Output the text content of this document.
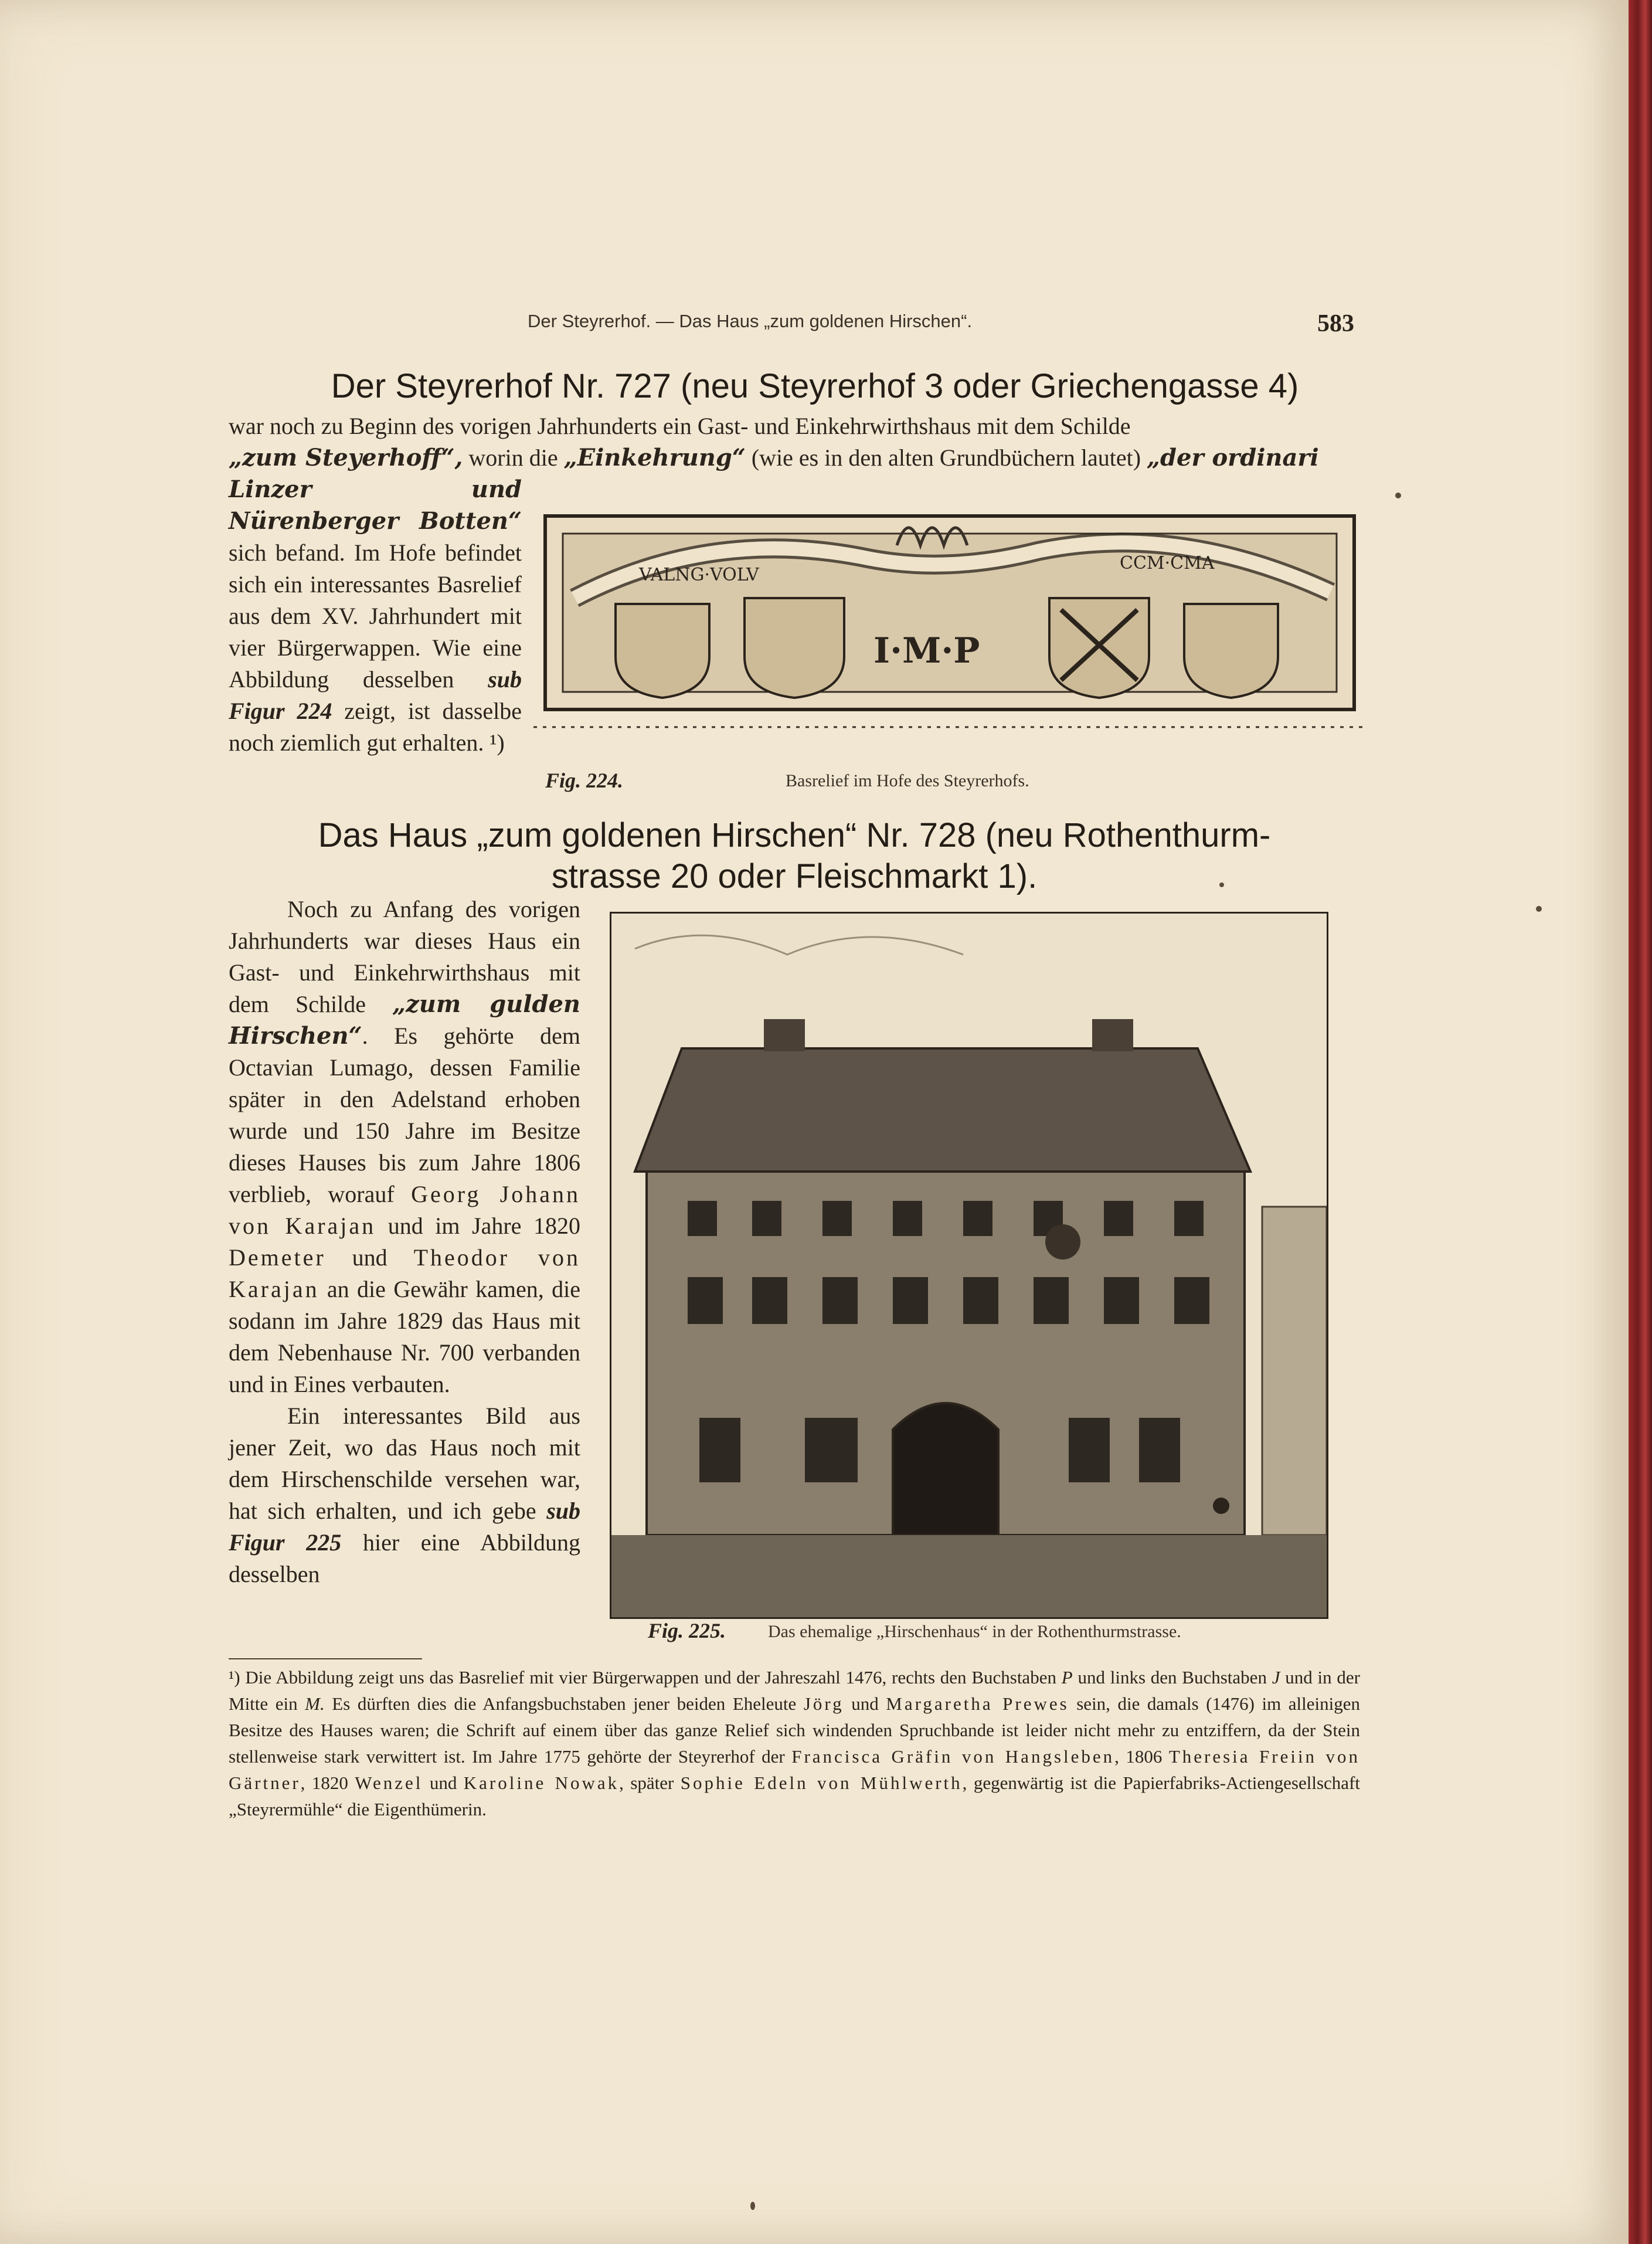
Der Steyrerhof. — Das Haus „zum goldenen Hirschen“.	583
Der Steyrerhof Nr. 727 (neu Steyrerhof 3 oder Griechengasse 4)
war noch zu Beginn des vorigen Jahrhunderts ein Gast- und Einkehrwirthshaus mit dem Schilde
„zum Steyerhoff“, worin die „Einkehrung“ (wie es in den alten Grundbüchern lautet) „der ordinari
Linzer und Nürenberger Botten“ sich befand. Im Hofe befindet sich ein interessantes Basrelief aus dem XV. Jahrhundert mit vier Bürgerwappen. Wie eine Abbildung desselben sub Figur 224 zeigt, ist dasselbe noch ziemlich gut erhalten. ¹)
VALNG·VOLV
CCM·CMA
I·M·P
Fig. 224.	Basrelief im Hofe des Steyrerhofs.
Das Haus „zum goldenen Hirschen“ Nr. 728 (neu Rothenthurm-
strasse 20 oder Fleischmarkt 1).

Noch zu Anfang des vorigen Jahrhunderts war dieses Haus ein Gast- und Einkehrwirthshaus mit dem Schilde „zum gulden Hirschen“. Es gehörte dem Octavian Lumago, dessen Familie später in den Adelstand erhoben wurde und 150 Jahre im Besitze dieses Hauses bis zum Jahre 1806 verblieb, worauf Georg Johann von Karajan und im Jahre 1820 Demeter und Theodor von Karajan an die Gewähr kamen, die sodann im Jahre 1829 das Haus mit dem Nebenhause Nr. 700 verbanden und in Eines verbauten.

Ein interessantes Bild aus jener Zeit, wo das Haus noch mit dem Hirschenschilde versehen war, hat sich erhalten, und ich gebe sub Figur 225 hier eine Abbildung desselben

Fig. 225. Das ehemalige „Hirschenhaus“ in der Rothenthurmstrasse.
¹) Die Abbildung zeigt uns das Basrelief mit vier Bürgerwappen und der Jahreszahl 1476, rechts den Buchstaben P und links den Buchstaben J und in der Mitte ein M. Es dürften dies die Anfangsbuchstaben jener beiden Eheleute Jörg und Margaretha Prewes sein, die damals (1476) im alleinigen Besitze des Hauses waren; die Schrift auf einem über das ganze Relief sich windenden Spruchbande ist leider nicht mehr zu entziffern, da der Stein stellenweise stark verwittert ist. Im Jahre 1775 gehörte der Steyrerhof der Francisca Gräfin von Hangsleben, 1806 Theresia Freiin von Gärtner, 1820 Wenzel und Karoline Nowak, später Sophie Edeln von Mühlwerth, gegenwärtig ist die Papierfabriks-Actiengesellschaft „Steyrermühle“ die Eigenthümerin.
